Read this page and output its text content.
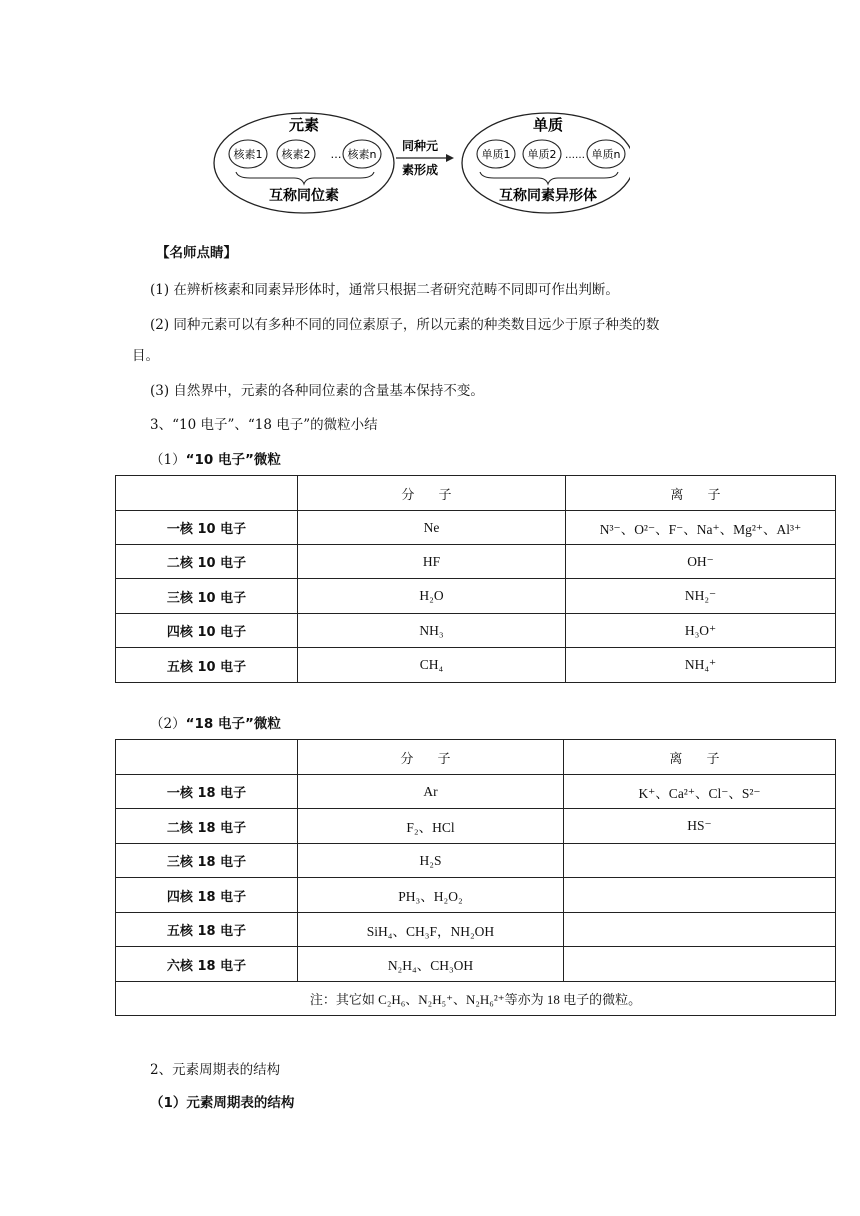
元素
核素1 核素2 … 核素n
互称同位素
同种元
素形成
单质
单质1 单质2 …… 单质n
互称同素异形体
【名师点睛】
(1) 在辨析核素和同素异形体时，通常只根据二者研究范畴不同即可作出判断。
(2) 同种元素可以有多种不同的同位素原子，所以元素的种类数目远少于原子种类的数
目。
(3) 自然界中，元素的各种同位素的含量基本保持不变。
3、“10 电子”、“18 电子”的微粒小结
（1）“10 电子”微粒
	分 子	离 子
一核 10 电子	Ne	N³⁻、O²⁻、F⁻、Na⁺、Mg²⁺、Al³⁺
二核 10 电子	HF	OH⁻
三核 10 电子	H₂O	NH₂⁻
四核 10 电子	NH₃	H₃O⁺
五核 10 电子	CH₄	NH₄⁺
（2）“18 电子”微粒
	分 子	离 子
一核 18 电子	Ar	K⁺、Ca²⁺、Cl⁻、S²⁻
二核 18 电子	F₂、HCl	HS⁻
三核 18 电子	H₂S	
四核 18 电子	PH₃、H₂O₂	
五核 18 电子	SiH₄、CH₃F，NH₂OH	
六核 18 电子	N₂H₄、CH₃OH	
注：其它如 C₂H₆、N₂H₅⁺、N₂H₆²⁺等亦为 18 电子的微粒。		
2、元素周期表的结构
（1）元素周期表的结构
